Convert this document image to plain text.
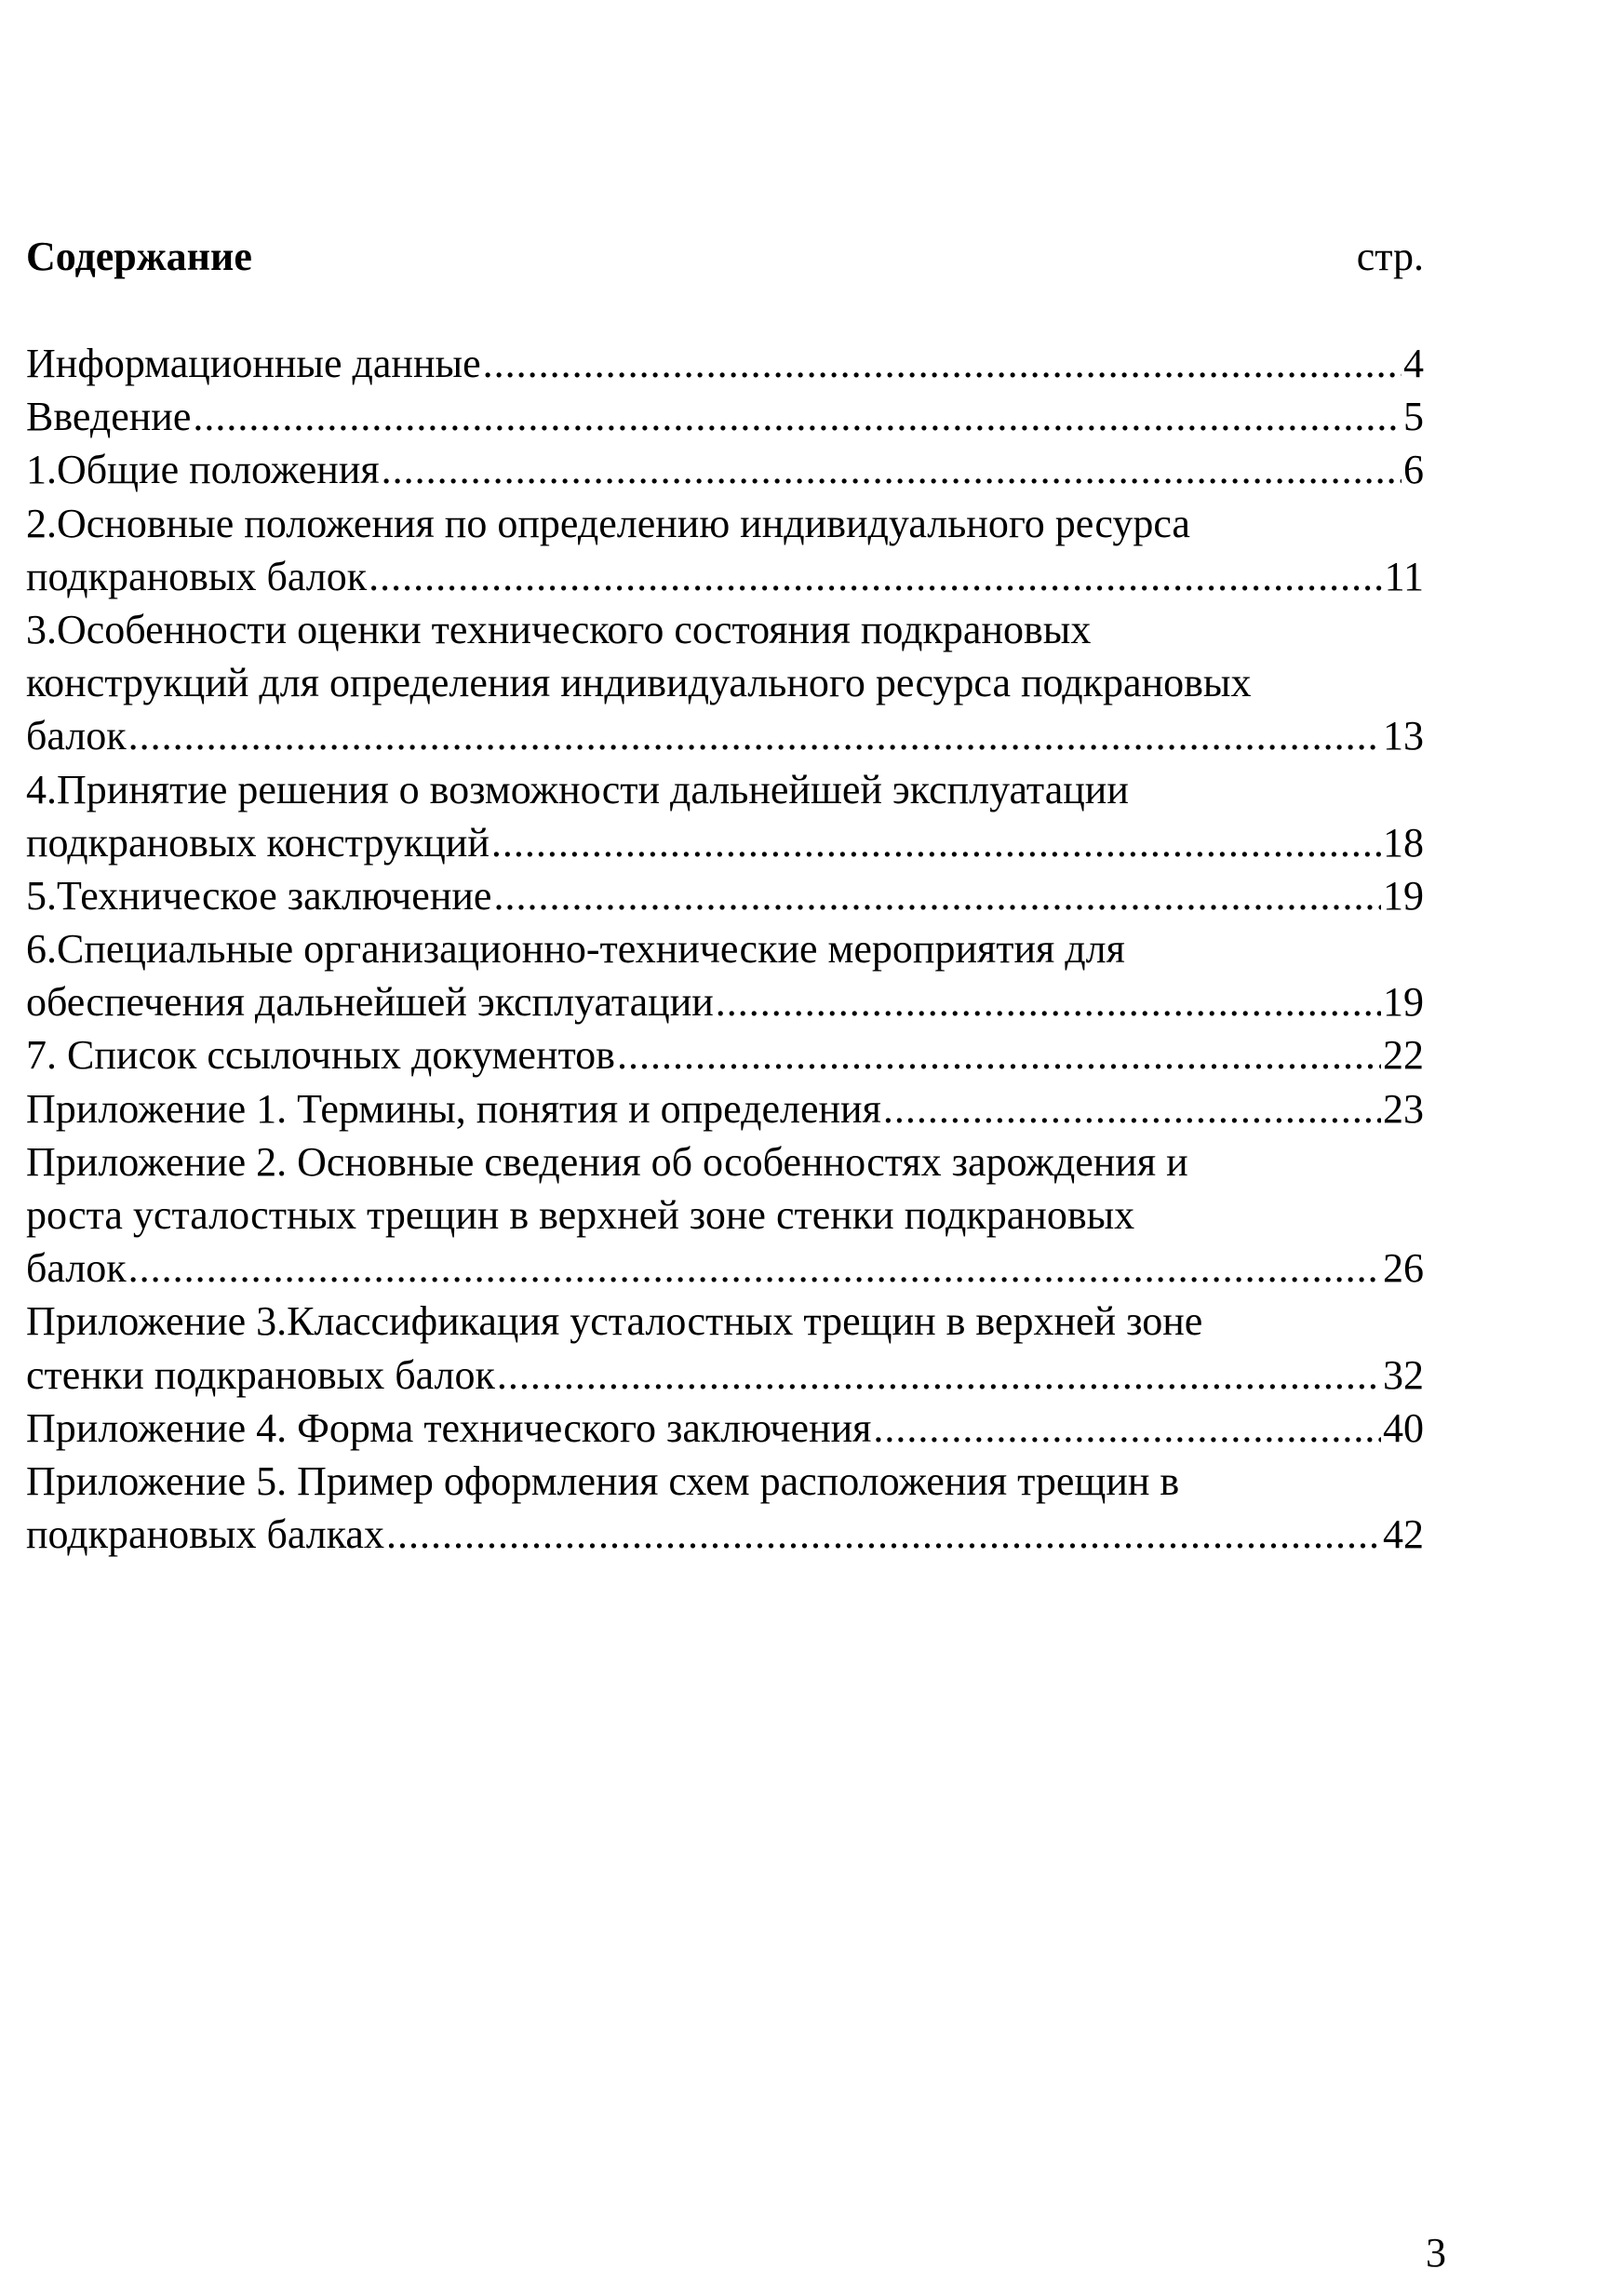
Содержание	стр.
Информационные данные .....	4
Введение .....	5
1.Общие положения .....	6
2.Основные положения по определению индивидуального ресурса
подкрановых балок .....	11
3.Особенности оценки технического состояния подкрановых
конструкций для определения индивидуального ресурса подкрановых
балок .....	13
4.Принятие решения о возможности дальнейшей эксплуатации
подкрановых конструкций .....	18
5.Техническое заключение .....	19
6.Специальные организационно-технические мероприятия для
обеспечения дальнейшей эксплуатации .....	19
7. Список ссылочных документов .....	22
Приложение 1. Термины, понятия и определения .....	23
Приложение 2. Основные сведения об особенностях зарождения и
роста усталостных трещин в верхней зоне стенки подкрановых
балок .....	26
Приложение 3.Классификация усталостных трещин в верхней зоне
стенки подкрановых балок .....	32
Приложение 4. Форма технического заключения .....	40
Приложение 5. Пример оформления схем расположения трещин в
подкрановых балках .....	42
3
